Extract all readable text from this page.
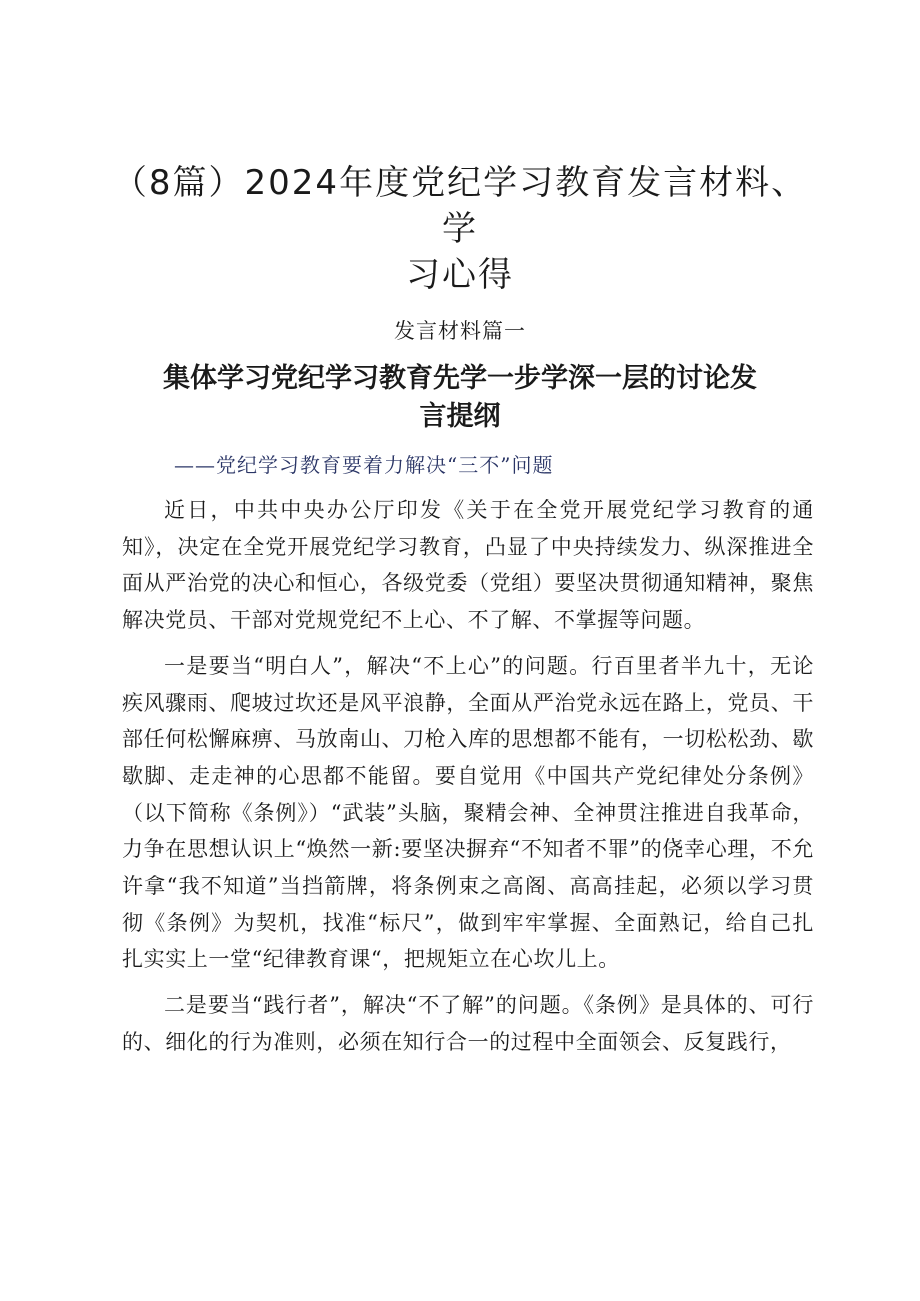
（8篇）2024年度党纪学习教育发言材料、学
习心得
发言材料篇一
集体学习党纪学习教育先学一步学深一层的讨论发
言提纲
——党纪学习教育要着力解决“三不”问题

近日，中共中央办公厅印发《关于在全党开展党纪学习教育的通知》，决定在全党开展党纪学习教育，凸显了中央持续发力、纵深推进全面从严治党的决心和恒心，各级党委（党组）要坚决贯彻通知精神，聚焦解决党员、干部对党规党纪不上心、不了解、不掌握等问题。

一是要当“明白人”，解决“不上心”的问题。行百里者半九十，无论疾风骤雨、爬坡过坎还是风平浪静，全面从严治党永远在路上，党员、干部任何松懈麻痹、马放南山、刀枪入库的思想都不能有，一切松松劲、歇歇脚、走走神的心思都不能留。要自觉用《中国共产党纪律处分条例》（以下简称《条例》）“武装”头脑，聚精会神、全神贯注推进自我革命，力争在思想认识上“焕然一新:要坚决摒弃“不知者不罪”的侥幸心理，不允许拿“我不知道”当挡箭牌，将条例束之高阁、高高挂起，必须以学习贯彻《条例》为契机，找准“标尺”，做到牢牢掌握、全面熟记，给自己扎扎实实上一堂“纪律教育课“，把规矩立在心坎儿上。

二是要当“践行者”，解决“不了解”的问题。《条例》是具体的、可行的、细化的行为准则，必须在知行合一的过程中全面领会、反复践行，
